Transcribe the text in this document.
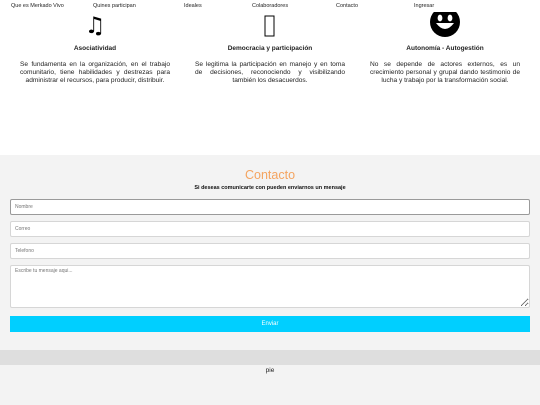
Que es Merkado Vivo	Quines participan	Ideales	Colaboradores	Contacto	Ingresar
♫
Asociatividad

Se fundamenta en la organización, en el trabajo comunitario, tiene habilidades y destrezas para administrar el recursos, para producir, distribuir.

Democracia y participación

Se legitima la participación en manejo y en toma de decisiones, reconociendo y visibilizando también los desacuerdos.

Autonomía - Autogestión

No se depende de actores externos, es un crecimiento personal y grupal dando testimonio de lucha y trabajo por la transformación social.

Contacto
Si deseas comunicarte con pueden enviarnos un mensaje
Nombre
Correo
Telefono
Escribe tu mensaje aqui...
Enviar
pie
